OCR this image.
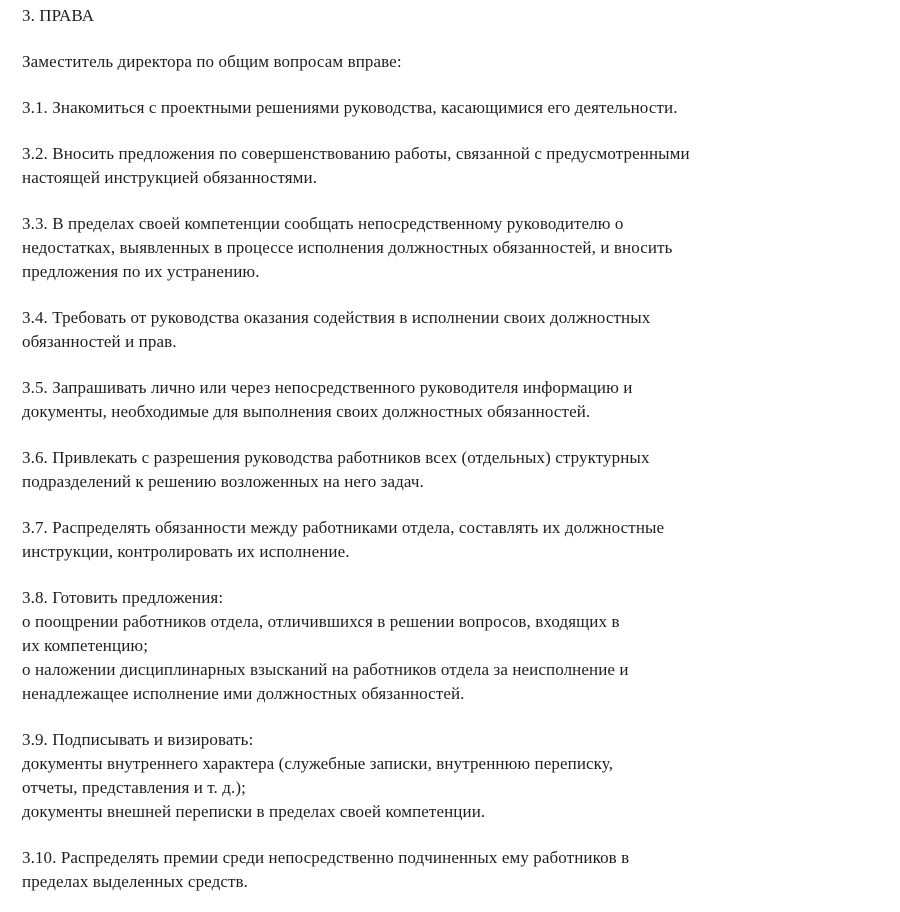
3. ПРАВА
Заместитель директора по общим вопросам вправе:
3.1. Знакомиться с проектными решениями руководства, касающимися его деятельности.
3.2. Вносить предложения по совершенствованию работы, связанной с предусмотренными
настоящей инструкцией обязанностями.
3.3. В пределах своей компетенции сообщать непосредственному руководителю о
недостатках, выявленных в процессе исполнения должностных обязанностей, и вносить
предложения по их устранению.
3.4. Требовать от руководства оказания содействия в исполнении своих должностных
обязанностей и прав.
3.5. Запрашивать лично или через непосредственного руководителя информацию и
документы, необходимые для выполнения своих должностных обязанностей.
3.6. Привлекать с разрешения руководства работников всех (отдельных) структурных
подразделений к решению возложенных на него задач.
3.7. Распределять обязанности между работниками отдела, составлять их должностные
инструкции, контролировать их исполнение.
3.8. Готовить предложения:
о поощрении работников отдела, отличившихся в решении вопросов, входящих в
их компетенцию;
о наложении дисциплинарных взысканий на работников отдела за неисполнение и
ненадлежащее исполнение ими должностных обязанностей.
3.9. Подписывать и визировать:
документы внутреннего характера (служебные записки, внутреннюю переписку,
отчеты, представления и т. д.);
документы внешней переписки в пределах своей компетенции.
3.10. Распределять премии среди непосредственно подчиненных ему работников в
пределах выделенных средств.
